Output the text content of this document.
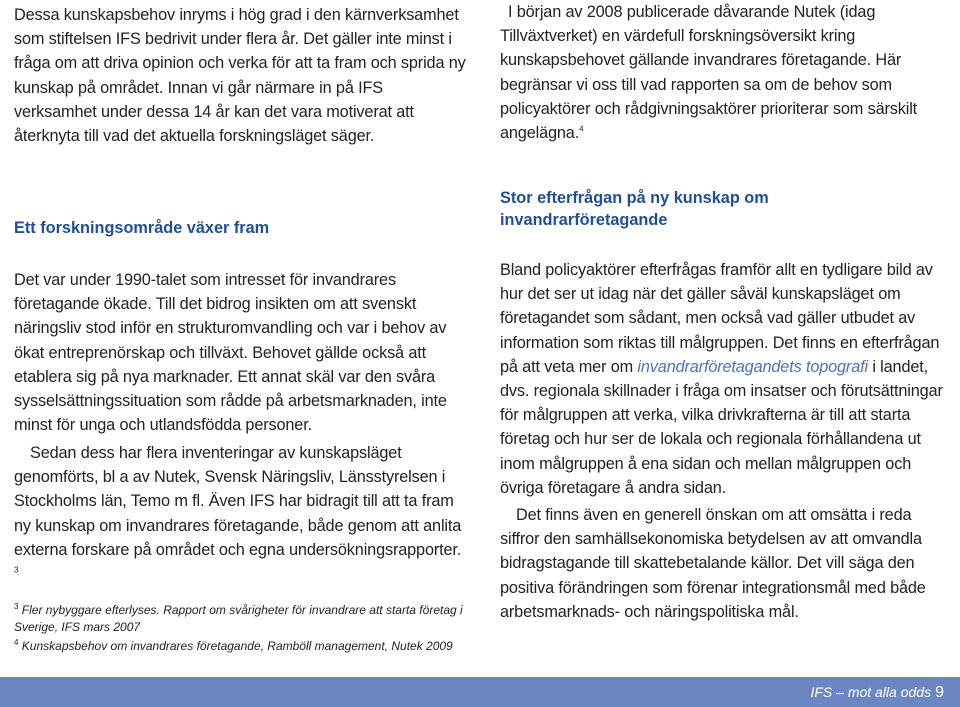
Dessa kunskapsbehov inryms i hög grad i den kärnverksamhet som stiftelsen IFS bedrivit under flera år. Det gäller inte minst i fråga om att driva opinion och verka för att ta fram och sprida ny kunskap på området. Innan vi går närmare in på IFS verksamhet under dessa 14 år kan det vara motiverat att återknyta till vad det aktuella forskningsläget säger.

Ett forskningsområde växer fram

Det var under 1990-talet som intresset för invandrares företagande ökade. Till det bidrog insikten om att svenskt näringsliv stod inför en strukturomvandling och var i behov av ökat entreprenörskap och tillväxt. Behovet gällde också att etablera sig på nya marknader. Ett annat skäl var den svåra sysselsättningssituation som rådde på arbetsmarknaden, inte minst för unga och utlandsfödda personer.

Sedan dess har flera inventeringar av kunskapsläget genomförts, bl a av Nutek, Svensk Näringsliv, Länsstyrelsen i Stockholms län, Temo m fl. Även IFS har bidragit till att ta fram ny kunskap om invandrares företagande, både genom att anlita externa forskare på området och egna undersökningsrapporter. $^3$

$^3$ Fler nybyggare efterlyses. Rapport om svårigheter för invandrare att starta företag i Sverige, IFS mars 2007

$^4$ Kunskapsbehov om invandrares företagande, Ramböll management, Nutek 2009

I början av 2008 publicerade dåvarande Nutek (idag Tillväxtverket) en värdefull forskningsöversikt kring kunskapsbehovet gällande invandrares företagande. Här begränsar vi oss till vad rapporten sa om de behov som policyaktörer och rådgivningsaktörer prioriterar som särskilt angelägna.$^4$

Stor efterfrågan på ny kunskap om invandrarföretagande

Bland policyaktörer efterfrågas framför allt en tydligare bild av hur det ser ut idag när det gäller såväl kunskapsläget om företagandet som sådant, men också vad gäller utbudet av information som riktas till målgruppen. Det finns en efterfrågan på att veta mer om invandrarföretagandets topografi i landet, dvs. regionala skillnader i fråga om insatser och förutsättningar för målgruppen att verka, vilka drivkrafterna är till att starta företag och hur ser de lokala och regionala förhållandena ut inom målgruppen å ena sidan och mellan målgruppen och övriga företagare å andra sidan.

Det finns även en generell önskan om att omsätta i reda siffror den samhällsekonomiska betydelsen av att omvandla bidragstagande till skattebetalande källor. Det vill säga den positiva förändringen som förenar integrationsmål med både arbetsmarknads- och näringspolitiska mål.

IFS – mot alla odds 9
